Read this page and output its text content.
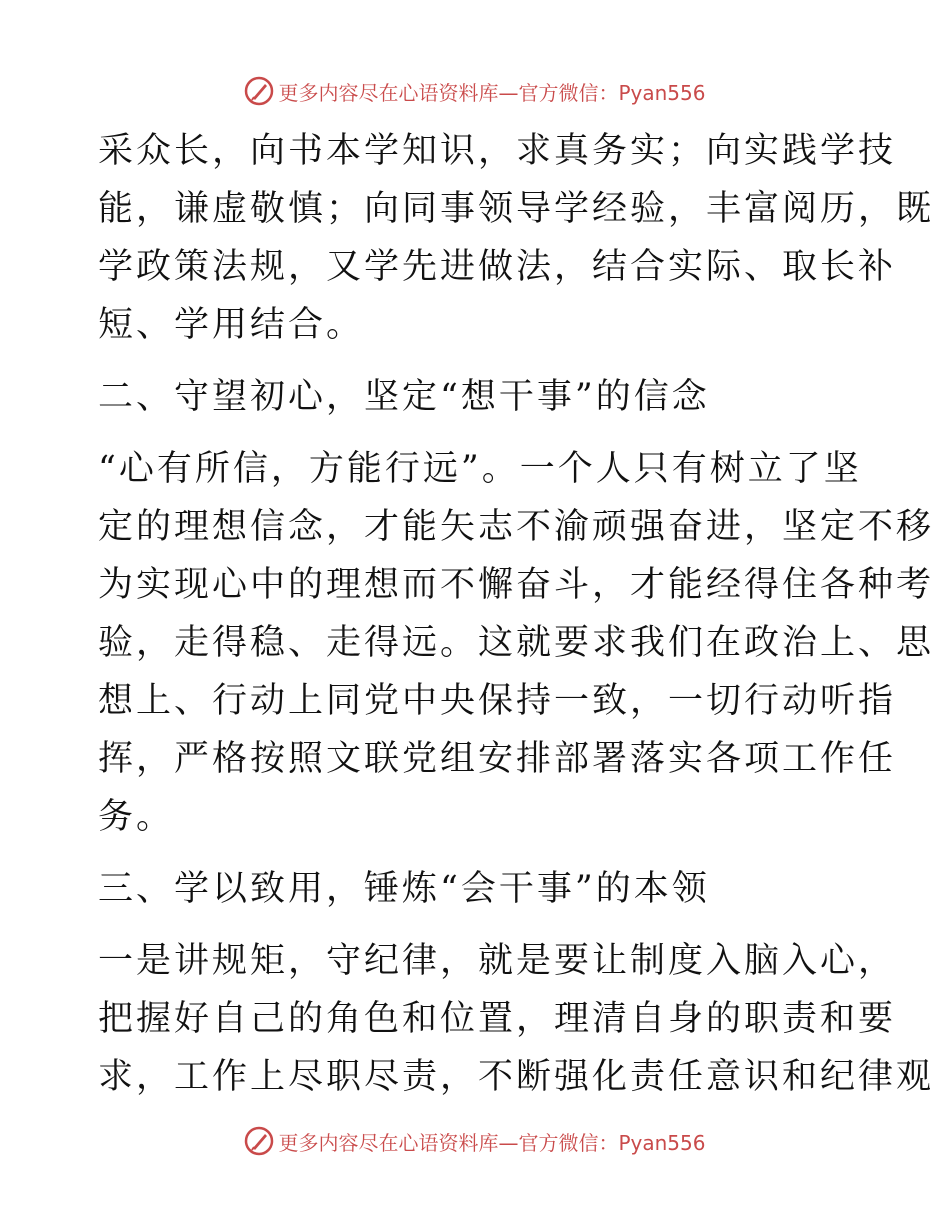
更多内容尽在心语资料库—官方微信：Pyan556
采众长，向书本学知识，求真务实；向实践学技
能，谦虚敬慎；向同事领导学经验，丰富阅历，既
学政策法规，又学先进做法，结合实际、取长补
短、学用结合。
二、守望初心，坚定“想干事”的信念
“心有所信，方能行远”。一个人只有树立了坚
定的理想信念，才能矢志不渝顽强奋进，坚定不移
为实现心中的理想而不懈奋斗，才能经得住各种考
验，走得稳、走得远。这就要求我们在政治上、思
想上、行动上同党中央保持一致，一切行动听指
挥，严格按照文联党组安排部署落实各项工作任
务。
三、学以致用，锤炼“会干事”的本领
一是讲规矩，守纪律，就是要让制度入脑入心，
把握好自己的角色和位置，理清自身的职责和要
求，工作上尽职尽责，不断强化责任意识和纪律观
更多内容尽在心语资料库—官方微信：Pyan556
